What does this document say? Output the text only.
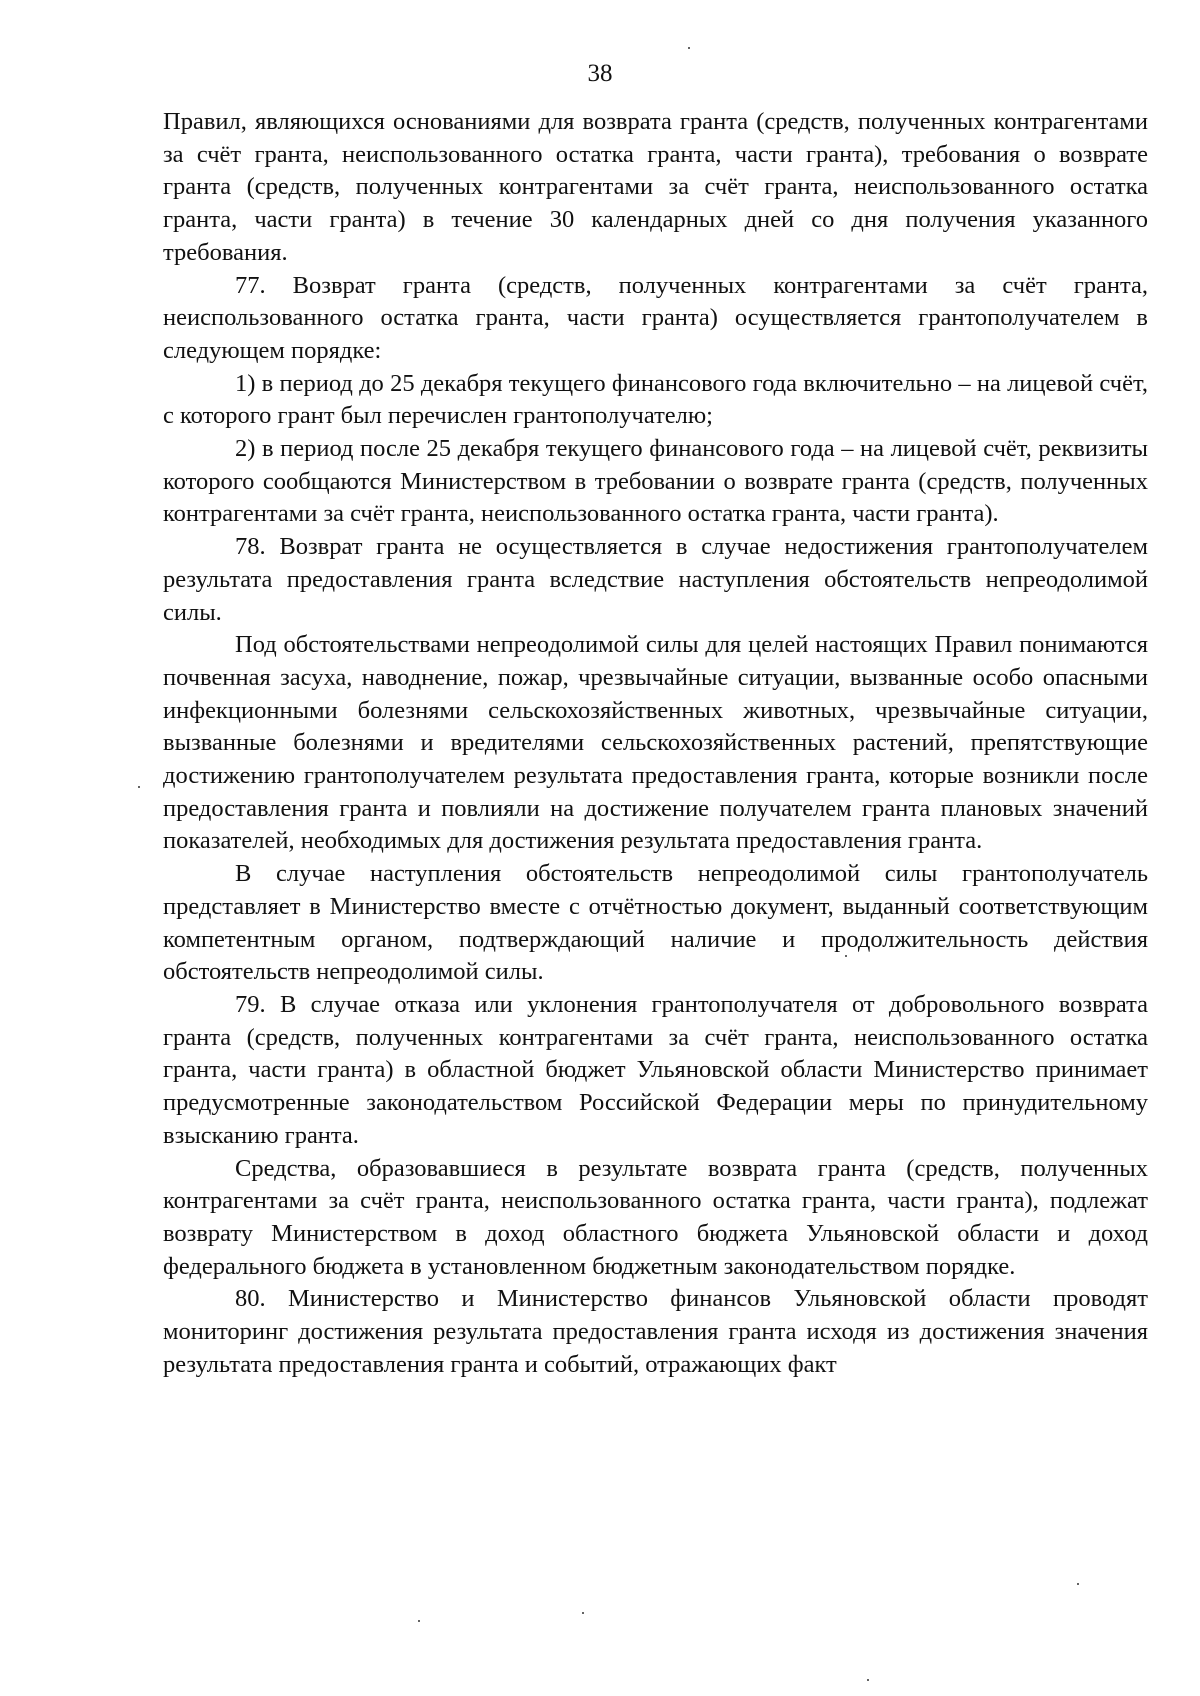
38

Правил, являющихся основаниями для возврата гранта (средств, полученных контрагентами за счёт гранта, неиспользованного остатка гранта, части гранта), требования о возврате гранта (средств, полученных контрагентами за счёт гранта, неиспользованного остатка гранта, части гранта) в течение 30 календарных дней со дня получения указанного требования.

77. Возврат гранта (средств, полученных контрагентами за счёт гранта, неиспользованного остатка гранта, части гранта) осуществляется грантополучателем в следующем порядке:

1) в период до 25 декабря текущего финансового года включительно – на лицевой счёт, с которого грант был перечислен грантополучателю;

2) в период после 25 декабря текущего финансового года – на лицевой счёт, реквизиты которого сообщаются Министерством в требовании о возврате гранта (средств, полученных контрагентами за счёт гранта, неиспользованного остатка гранта, части гранта).

78. Возврат гранта не осуществляется в случае недостижения грантополучателем результата предоставления гранта вследствие наступления обстоятельств непреодолимой силы.

Под обстоятельствами непреодолимой силы для целей настоящих Правил понимаются почвенная засуха, наводнение, пожар, чрезвычайные ситуации, вызванные особо опасными инфекционными болезнями сельскохозяйственных животных, чрезвычайные ситуации, вызванные болезнями и вредителями сельскохозяйственных растений, препятствующие достижению грантополучателем результата предоставления гранта, которые возникли после предоставления гранта и повлияли на достижение получателем гранта плановых значений показателей, необходимых для достижения результата предоставления гранта.

В случае наступления обстоятельств непреодолимой силы грантополучатель представляет в Министерство вместе с отчётностью документ, выданный соответствующим компетентным органом, подтверждающий наличие и продолжительность действия обстоятельств непреодолимой силы.

79. В случае отказа или уклонения грантополучателя от добровольного возврата гранта (средств, полученных контрагентами за счёт гранта, неиспользованного остатка гранта, части гранта) в областной бюджет Ульяновской области Министерство принимает предусмотренные законодательством Российской Федерации меры по принудительному взысканию гранта.

Средства, образовавшиеся в результате возврата гранта (средств, полученных контрагентами за счёт гранта, неиспользованного остатка гранта, части гранта), подлежат возврату Министерством в доход областного бюджета Ульяновской области и доход федерального бюджета в установленном бюджетным законодательством порядке.

80. Министерство и Министерство финансов Ульяновской области проводят мониторинг достижения результата предоставления гранта исходя из достижения значения результата предоставления гранта и событий, отражающих факт
